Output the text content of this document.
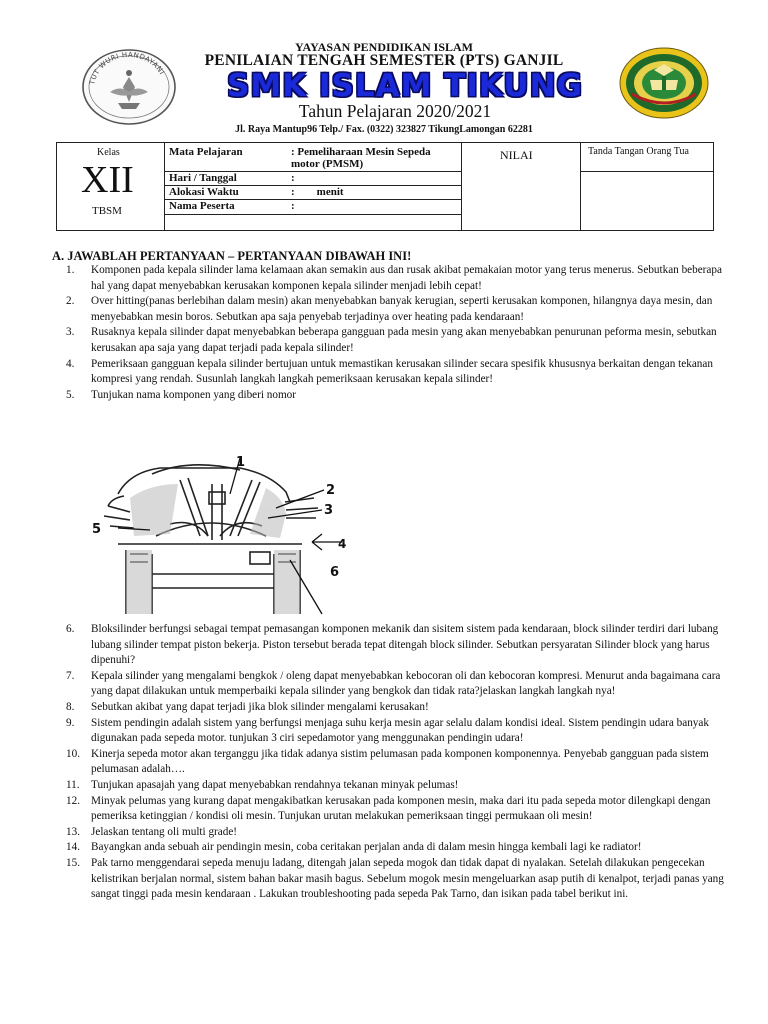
YAYASAN PENDIDIKAN ISLAM
PENILAIAN TENGAH SEMESTER (PTS) GANJIL
SMK ISLAM TIKUNG
Tahun Pelajaran 2020/2021
Jl. Raya Mantup96 Telp./ Fax. (0322) 323827 TikungLamongan 62281
TUT WURI HANDAYANI
Kelas
XII
TBSM
Mata Pelajaran	: Pemeliharaan Mesin Sepeda motor (PMSM)
Hari / Tanggal	:
Alokasi Waktu	:        menit
Nama Peserta	:
NILAI	Tanda Tangan Orang Tua
A. JAWABLAH PERTANYAAN – PERTANYAAN DIBAWAH INI!
1. Komponen pada kepala silinder lama kelamaan akan semakin aus dan rusak akibat pemakaian motor yang terus menerus. Sebutkan beberapa hal yang dapat menyebabkan kerusakan komponen kepala silinder menjadi lebih cepat!
2. Over hitting(panas berlebihan dalam mesin) akan menyebabkan banyak kerugian, seperti kerusakan komponen, hilangnya daya mesin, dan menyebabkan mesin boros. Sebutkan apa saja penyebab terjadinya over heating pada kendaraan!
3. Rusaknya kepala silinder dapat menyebabkan beberapa gangguan pada mesin yang akan menyebabkan penurunan peforma mesin, sebutkan kerusakan apa saja yang dapat terjadi pada kepala silinder!
4. Pemeriksaan gangguan kepala silinder bertujuan untuk memastikan kerusakan silinder secara spesifik khususnya berkaitan dengan tekanan kompresi yang rendah. Susunlah langkah langkah pemeriksaan kerusakan kepala silinder!
5. Tunjukan nama komponen yang diberi nomor
1
2
3
4
5
6
6. Bloksilinder berfungsi sebagai tempat pemasangan komponen mekanik dan sisitem sistem pada kendaraan, block silinder terdiri dari lubang lubang silinder tempat piston bekerja. Piston tersebut berada tepat ditengah block silinder. Sebutkan persyaratan Silinder block yang harus dipenuhi?
7. Kepala silinder yang mengalami bengkok / oleng dapat menyebabkan kebocoran oli dan kebocoran kompresi. Menurut anda bagaimana cara yang dapat dilakukan untuk memperbaiki kepala silinder yang bengkok dan tidak rata?jelaskan langkah langkah nya!
8. Sebutkan akibat yang dapat terjadi jika blok silinder mengalami kerusakan!
9. Sistem pendingin adalah sistem yang berfungsi menjaga suhu kerja mesin agar selalu dalam kondisi ideal. Sistem pendingin udara banyak digunakan pada sepeda motor. tunjukan 3 ciri sepedamotor yang menggunakan pendingin udara!
10. Kinerja sepeda motor akan terganggu jika tidak adanya sistim pelumasan pada komponen komponennya. Penyebab gangguan pada sistem pelumasan adalah….
11. Tunjukan apasajah yang dapat menyebabkan rendahnya tekanan minyak pelumas!
12. Minyak pelumas yang kurang dapat mengakibatkan kerusakan pada komponen mesin, maka dari itu pada sepeda motor dilengkapi dengan pemeriksa ketinggian / kondisi oli mesin. Tunjukan urutan melakukan pemeriksaan tinggi permukaan oli mesin!
13. Jelaskan tentang oli multi grade!
14. Bayangkan anda sebuah air pendingin mesin, coba ceritakan perjalan anda di dalam mesin hingga kembali lagi ke radiator!
15. Pak tarno menggendarai sepeda menuju ladang, ditengah jalan sepeda mogok dan tidak dapat di nyalakan. Setelah dilakukan pengecekan kelistrikan berjalan normal, sistem bahan bakar masih bagus. Sebelum mogok mesin mengeluarkan asap putih di kenalpot, terjadi panas yang sangat tinggi pada mesin kendaraan . Lakukan troubleshooting pada sepeda Pak Tarno, dan isikan pada tabel berikut ini.
